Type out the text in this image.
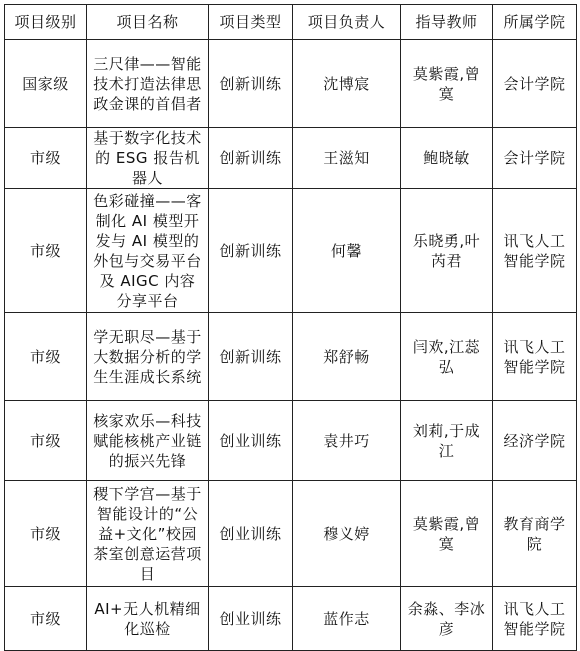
项目级别	项目名称	项目类型	项目负责人	指导教师	所属学院
国家级	三尺律——智能技术打造法律思政金课的首倡者	创新训练	沈博宸	莫紫霞,曾寞	会计学院
市级	基于数字化技术的 ESG 报告机器人	创新训练	王滋知	鲍晓敏	会计学院
市级	色彩碰撞——客制化 AI 模型开发与 AI 模型的外包与交易平台及 AIGC 内容分享平台	创新训练	何馨	乐晓勇,叶芮君	讯飞人工智能学院
市级	学无职尽—基于大数据分析的学生生涯成长系统	创新训练	郑舒畅	闫欢,江蕊弘	讯飞人工智能学院
市级	核家欢乐—科技赋能核桃产业链的振兴先锋	创业训练	袁井巧	刘莉,于成江	经济学院
市级	稷下学宫—基于智能设计的“公益+文化”校园茶室创意运营项目	创业训练	穆义婷	莫紫霞,曾寞	教育商学院
市级	AI+无人机精细化巡检	创业训练	蓝作志	余淼、李冰彦	讯飞人工智能学院
